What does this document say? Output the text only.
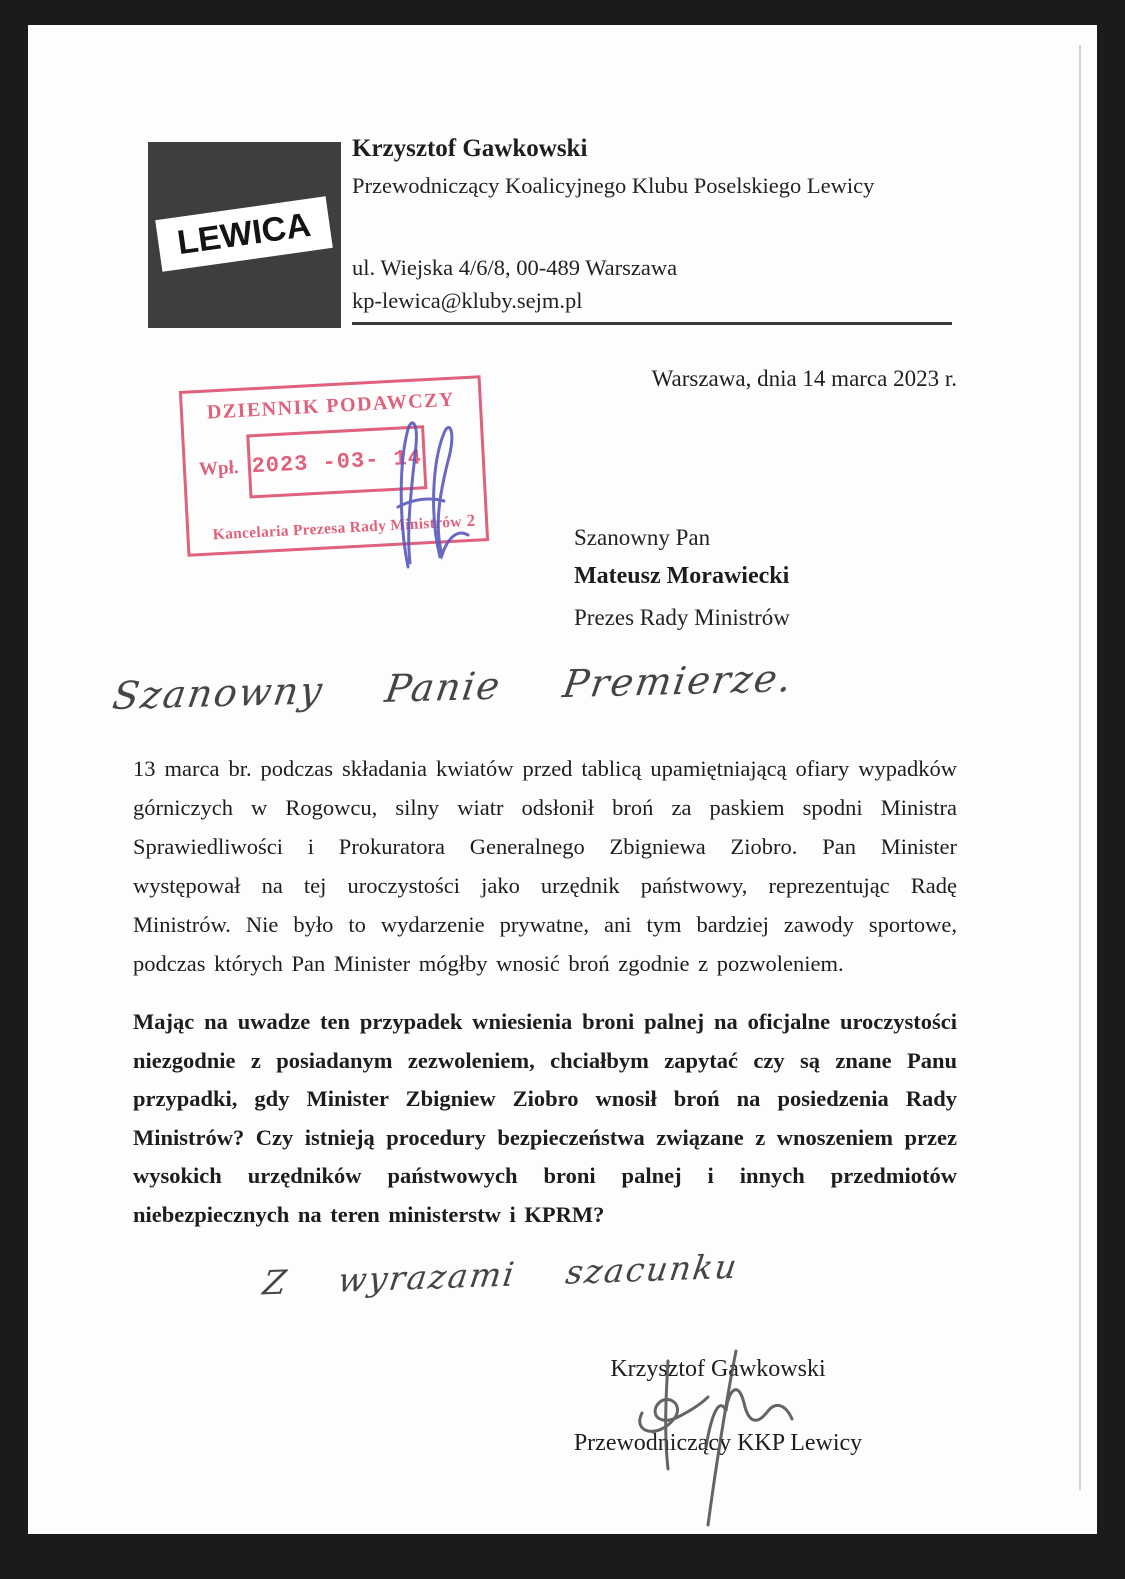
LEWICA
Krzysztof Gawkowski
Przewodniczący Koalicyjnego Klubu Poselskiego Lewicy
ul. Wiejska 4/6/8, 00-489 Warszawa
kp-lewica@kluby.sejm.pl
Warszawa, dnia 14 marca 2023 r.
DZIENNIK PODAWCZY
Wpł. 2023 -03- 14
Kancelaria Prezesa Rady Ministrów 2
Szanowny Pan
Mateusz Morawiecki
Prezes Rady Ministrów
Szanowny Panie Premierze.
13 marca br. podczas składania kwiatów przed tablicą upamiętniającą ofiary wypadków górniczych w Rogowcu, silny wiatr odsłonił broń za paskiem spodni Ministra Sprawiedliwości i Prokuratora Generalnego Zbigniewa Ziobro. Pan Minister występował na tej uroczystości jako urzędnik państwowy, reprezentując Radę Ministrów. Nie było to wydarzenie prywatne, ani tym bardziej zawody sportowe, podczas których Pan Minister mógłby wnosić broń zgodnie z pozwoleniem.
Mając na uwadze ten przypadek wniesienia broni palnej na oficjalne uroczystości niezgodnie z posiadanym zezwoleniem, chciałbym zapytać czy są znane Panu przypadki, gdy Minister Zbigniew Ziobro wnosił broń na posiedzenia Rady Ministrów? Czy istnieją procedury bezpieczeństwa związane z wnoszeniem przez wysokich urzędników państwowych broni palnej i innych przedmiotów niebezpiecznych na teren ministerstw i KPRM?
Z wyrazami szacunku
Krzysztof Gawkowski
Przewodniczący KKP Lewicy
